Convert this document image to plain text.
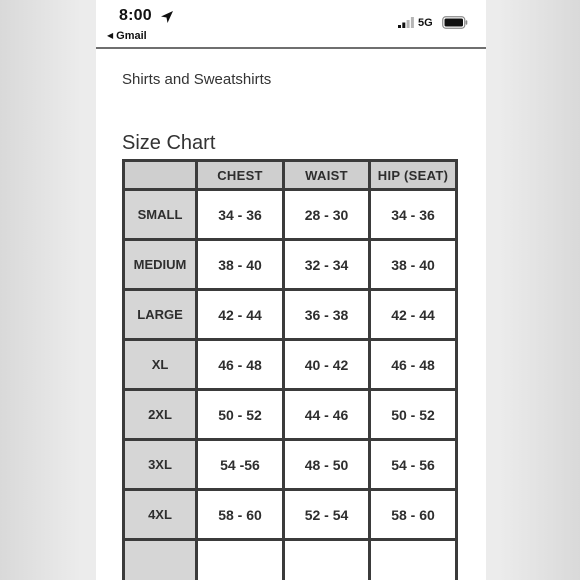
8:00
◀ Gmail
5G
Shirts and Sweatshirts
Size Chart
	CHEST	WAIST	HIP (SEAT)
SMALL	34 - 36	28 - 30	34 - 36
MEDIUM	38 - 40	32 - 34	38 - 40
LARGE	42 - 44	36 - 38	42 - 44
XL	46 - 48	40 - 42	46 - 48
2XL	50 - 52	44 - 46	50 - 52
3XL	54 -56	48 - 50	54 - 56
4XL	58 - 60	52 - 54	58 - 60
